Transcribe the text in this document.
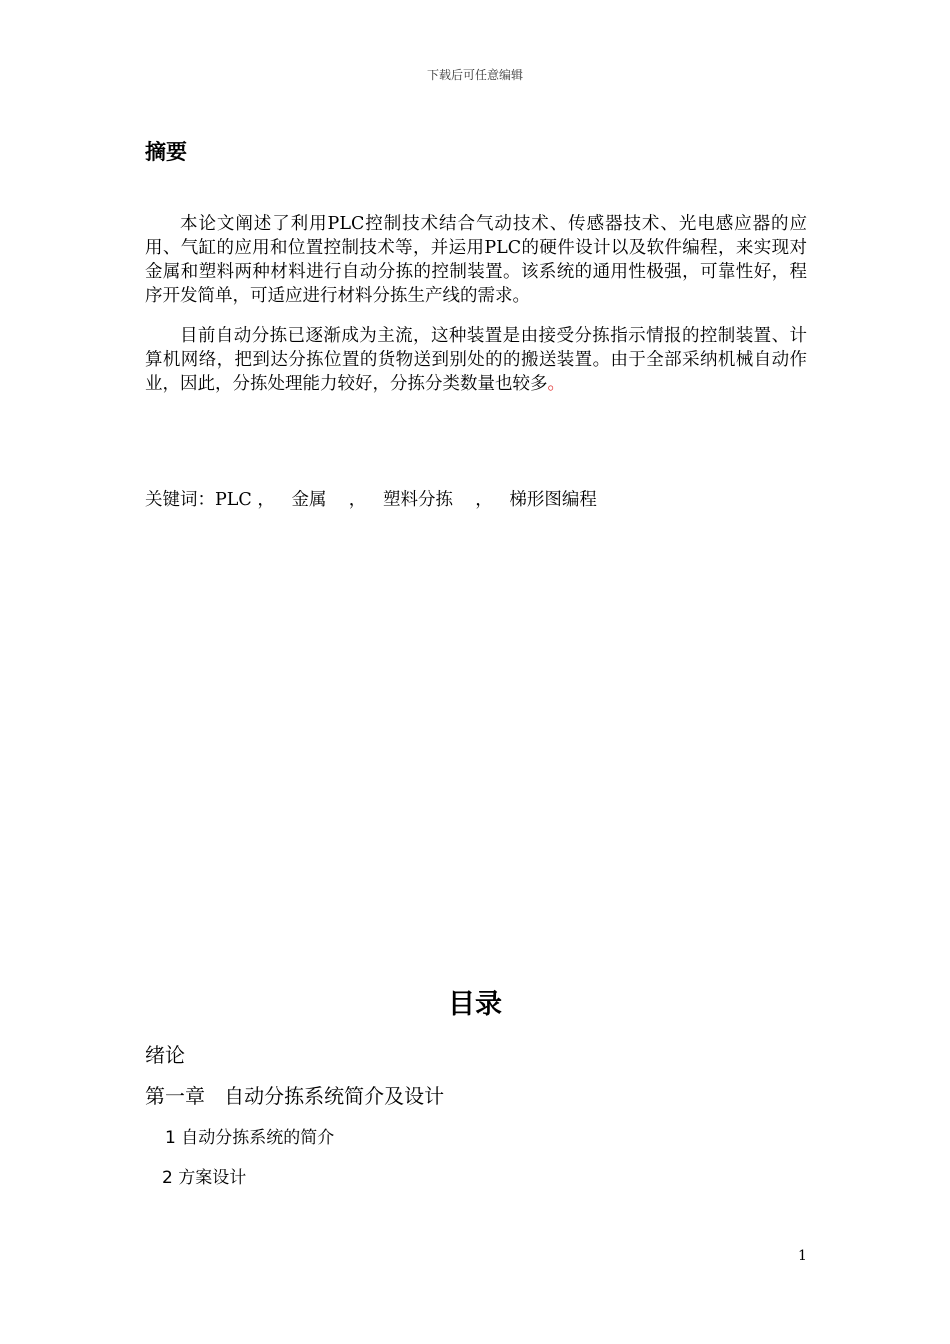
下载后可任意编辑
摘要
本论文阐述了利用PLC控制技术结合气动技术、传感器技术、光电感应器的应用、气缸的应用和位置控制技术等，并运用PLC的硬件设计以及软件编程，来实现对金属和塑料两种材料进行自动分拣的控制装置。该系统的通用性极强，可靠性好，程序开发简单，可适应进行材料分拣生产线的需求。
目前自动分拣已逐渐成为主流，这种装置是由接受分拣指示情报的控制装置、计算机网络，把到达分拣位置的货物送到别处的的搬送装置。由于全部采纳机械自动作业，因此，分拣处理能力较好，分拣分类数量也较多。
关键词：PLC ，   金属    ，   塑料分拣    ，   梯形图编程
目录
绪论
第一章   自动分拣系统简介及设计
1 自动分拣系统的简介
2 方案设计
1
